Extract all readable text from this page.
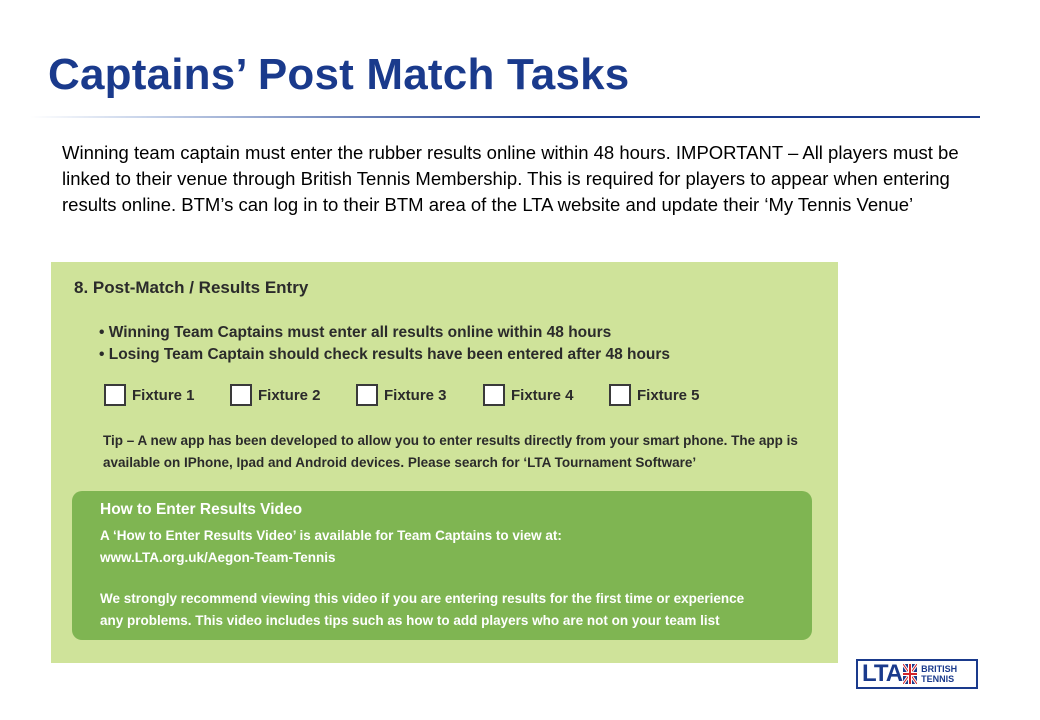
Captains’ Post Match Tasks
Winning team captain must enter the rubber results online within 48 hours. IMPORTANT – All players must be linked to their venue through British Tennis Membership. This is required for players to appear when entering results online. BTM’s can log in to their BTM area of the LTA website and update their ‘My Tennis Venue’
8. Post-Match / Results Entry
• Winning Team Captains must enter all results online within 48 hours
• Losing Team Captain should check results have been entered after 48 hours
Fixture 1	Fixture 2	Fixture 3	Fixture 4	Fixture 5
Tip – A new app has been developed to allow you to enter results directly from your smart phone. The app is
available on IPhone, Ipad and Android devices. Please search for ‘LTA Tournament Software’
How to Enter Results Video
A ‘How to Enter Results Video’ is available for Team Captains to view at:
www.LTA.org.uk/Aegon-Team-Tennis
We strongly recommend viewing this video if you are entering results for the first time or experience
any problems. This video includes tips such as how to add players who are not on your team list
LTA BRITISH
TENNIS
